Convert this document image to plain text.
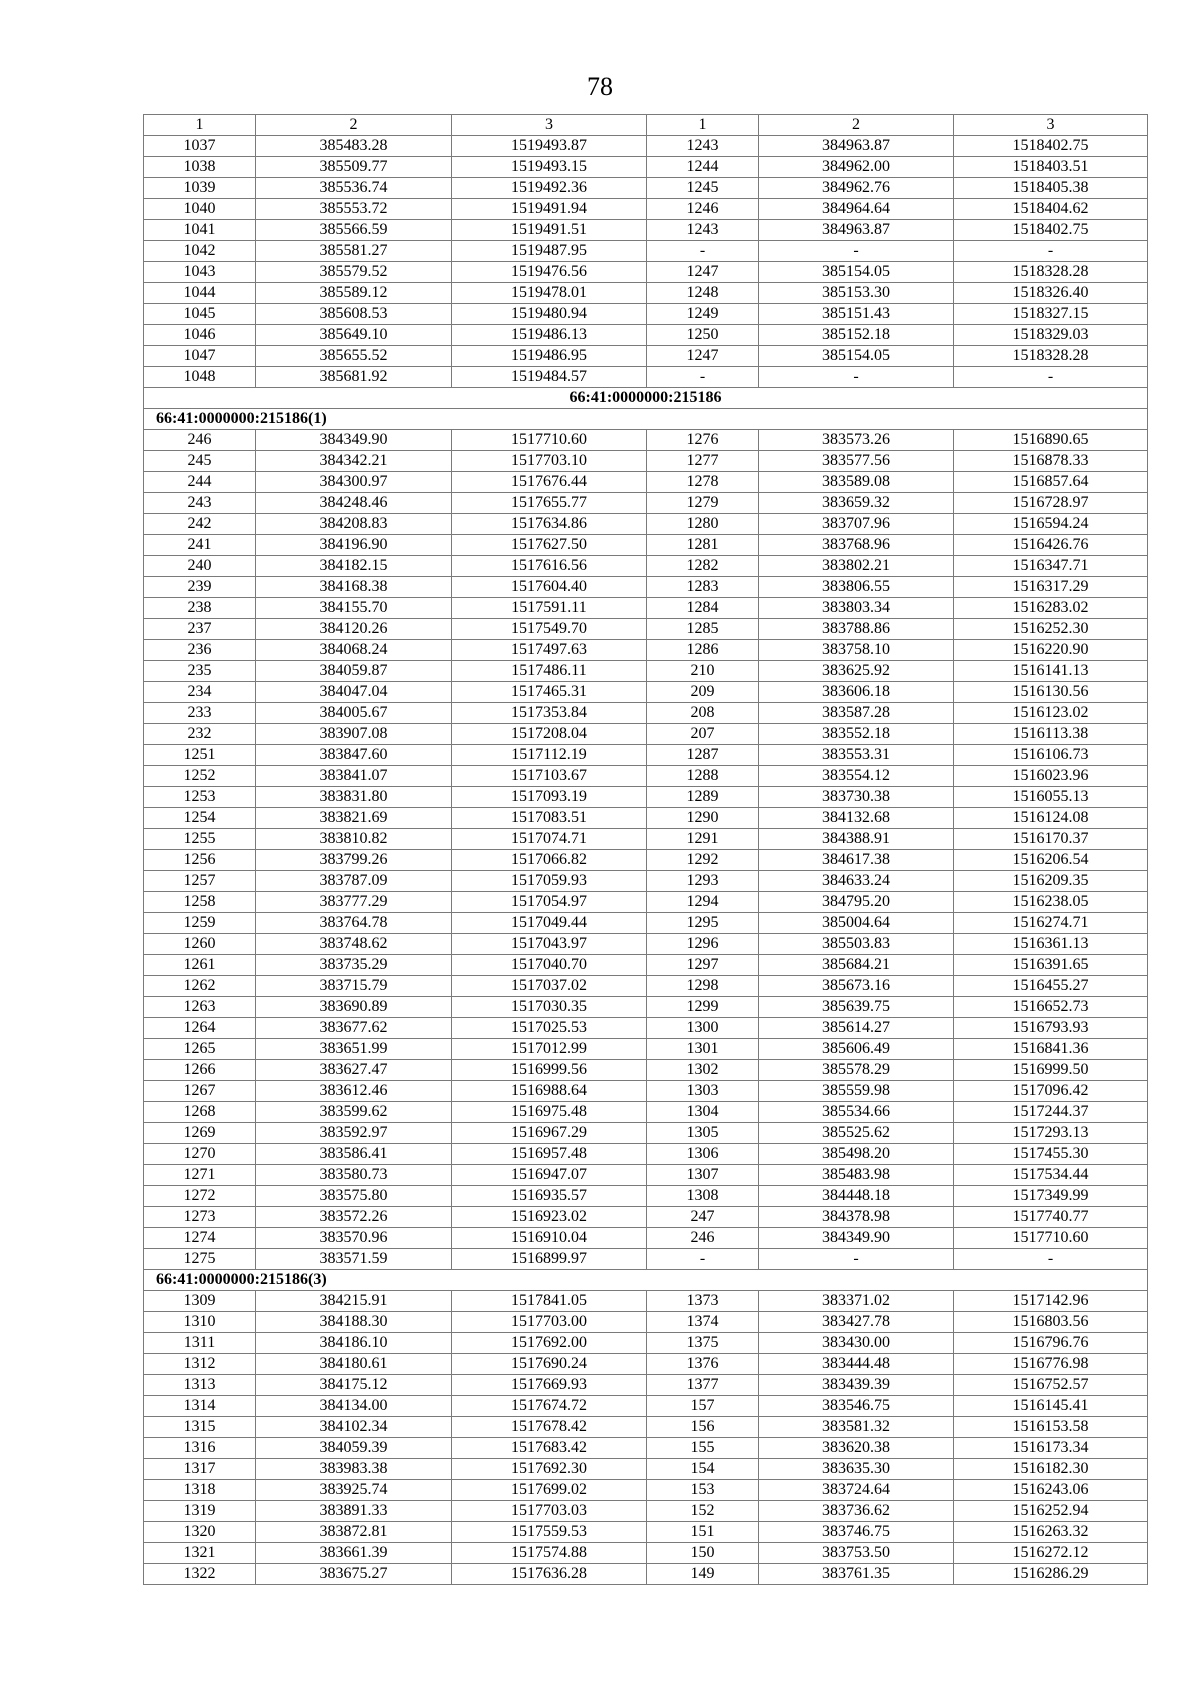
78
1	2	3	1	2	3
1037	385483.28	1519493.87	1243	384963.87	1518402.75
1038	385509.77	1519493.15	1244	384962.00	1518403.51
1039	385536.74	1519492.36	1245	384962.76	1518405.38
1040	385553.72	1519491.94	1246	384964.64	1518404.62
1041	385566.59	1519491.51	1243	384963.87	1518402.75
1042	385581.27	1519487.95	-	-	-
1043	385579.52	1519476.56	1247	385154.05	1518328.28
1044	385589.12	1519478.01	1248	385153.30	1518326.40
1045	385608.53	1519480.94	1249	385151.43	1518327.15
1046	385649.10	1519486.13	1250	385152.18	1518329.03
1047	385655.52	1519486.95	1247	385154.05	1518328.28
1048	385681.92	1519484.57	-	-	-
66:41:0000000:215186					
66:41:0000000:215186(1)					
246	384349.90	1517710.60	1276	383573.26	1516890.65
245	384342.21	1517703.10	1277	383577.56	1516878.33
244	384300.97	1517676.44	1278	383589.08	1516857.64
243	384248.46	1517655.77	1279	383659.32	1516728.97
242	384208.83	1517634.86	1280	383707.96	1516594.24
241	384196.90	1517627.50	1281	383768.96	1516426.76
240	384182.15	1517616.56	1282	383802.21	1516347.71
239	384168.38	1517604.40	1283	383806.55	1516317.29
238	384155.70	1517591.11	1284	383803.34	1516283.02
237	384120.26	1517549.70	1285	383788.86	1516252.30
236	384068.24	1517497.63	1286	383758.10	1516220.90
235	384059.87	1517486.11	210	383625.92	1516141.13
234	384047.04	1517465.31	209	383606.18	1516130.56
233	384005.67	1517353.84	208	383587.28	1516123.02
232	383907.08	1517208.04	207	383552.18	1516113.38
1251	383847.60	1517112.19	1287	383553.31	1516106.73
1252	383841.07	1517103.67	1288	383554.12	1516023.96
1253	383831.80	1517093.19	1289	383730.38	1516055.13
1254	383821.69	1517083.51	1290	384132.68	1516124.08
1255	383810.82	1517074.71	1291	384388.91	1516170.37
1256	383799.26	1517066.82	1292	384617.38	1516206.54
1257	383787.09	1517059.93	1293	384633.24	1516209.35
1258	383777.29	1517054.97	1294	384795.20	1516238.05
1259	383764.78	1517049.44	1295	385004.64	1516274.71
1260	383748.62	1517043.97	1296	385503.83	1516361.13
1261	383735.29	1517040.70	1297	385684.21	1516391.65
1262	383715.79	1517037.02	1298	385673.16	1516455.27
1263	383690.89	1517030.35	1299	385639.75	1516652.73
1264	383677.62	1517025.53	1300	385614.27	1516793.93
1265	383651.99	1517012.99	1301	385606.49	1516841.36
1266	383627.47	1516999.56	1302	385578.29	1516999.50
1267	383612.46	1516988.64	1303	385559.98	1517096.42
1268	383599.62	1516975.48	1304	385534.66	1517244.37
1269	383592.97	1516967.29	1305	385525.62	1517293.13
1270	383586.41	1516957.48	1306	385498.20	1517455.30
1271	383580.73	1516947.07	1307	385483.98	1517534.44
1272	383575.80	1516935.57	1308	384448.18	1517349.99
1273	383572.26	1516923.02	247	384378.98	1517740.77
1274	383570.96	1516910.04	246	384349.90	1517710.60
1275	383571.59	1516899.97	-	-	-
66:41:0000000:215186(3)					
1309	384215.91	1517841.05	1373	383371.02	1517142.96
1310	384188.30	1517703.00	1374	383427.78	1516803.56
1311	384186.10	1517692.00	1375	383430.00	1516796.76
1312	384180.61	1517690.24	1376	383444.48	1516776.98
1313	384175.12	1517669.93	1377	383439.39	1516752.57
1314	384134.00	1517674.72	157	383546.75	1516145.41
1315	384102.34	1517678.42	156	383581.32	1516153.58
1316	384059.39	1517683.42	155	383620.38	1516173.34
1317	383983.38	1517692.30	154	383635.30	1516182.30
1318	383925.74	1517699.02	153	383724.64	1516243.06
1319	383891.33	1517703.03	152	383736.62	1516252.94
1320	383872.81	1517559.53	151	383746.75	1516263.32
1321	383661.39	1517574.88	150	383753.50	1516272.12
1322	383675.27	1517636.28	149	383761.35	1516286.29
